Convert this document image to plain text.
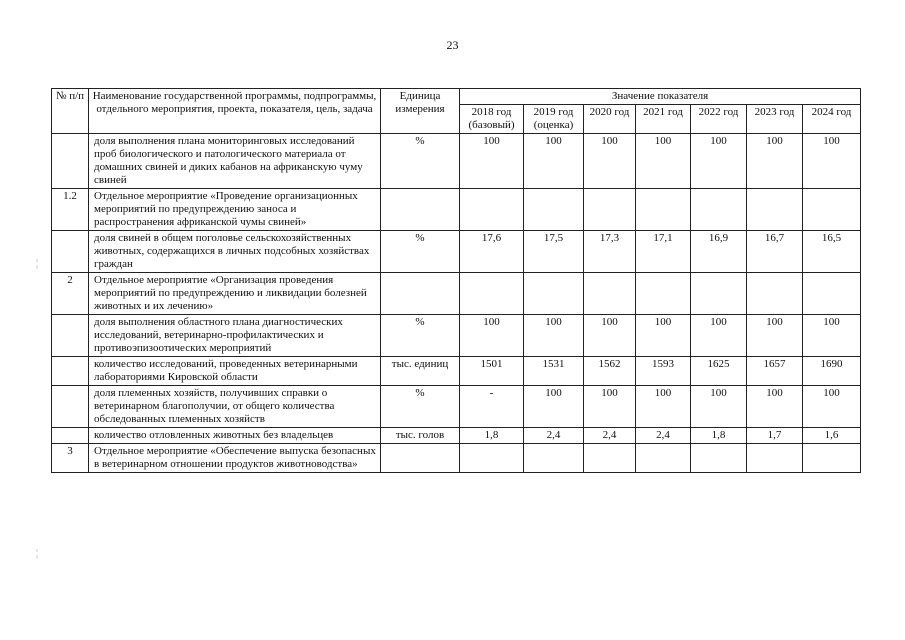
23
№ п/п	Наименование государственной программы, подпрограммы, отдельного мероприятия, проекта, показателя, цель, задача	Единица измерения	Значение показателя						
			2018 год (базовый)	2019 год (оценка)	2020 год	2021 год	2022 год	2023 год	2024 год
	доля выполнения плана мониторинговых исследований проб биологического и патологического материала от домашних свиней и диких кабанов на африканскую чуму свиней	%	100	100	100	100	100	100	100
1.2	Отдельное мероприятие «Проведение организационных мероприятий по предупреждению заноса и распространения африканской чумы свиней»								
	доля свиней в общем поголовье сельскохозяйственных животных, содержащихся в личных подсобных хозяйствах граждан	%	17,6	17,5	17,3	17,1	16,9	16,7	16,5
2	Отдельное мероприятие «Организация проведения мероприятий по предупреждению и ликвидации болезней животных и их лечению»								
	доля выполнения областного плана диагностических исследований, ветеринарно-профилактических и противоэпизоотических мероприятий	%	100	100	100	100	100	100	100
	количество исследований, проведенных ветеринарными лабораториями Кировской области	тыс. единиц	1501	1531	1562	1593	1625	1657	1690
	доля племенных хозяйств, получивших справки о ветеринарном благополучии, от общего количества обследованных племенных хозяйств	%	-	100	100	100	100	100	100
	количество отловленных животных без владельцев	тыс. голов	1,8	2,4	2,4	2,4	1,8	1,7	1,6
3	Отдельное мероприятие «Обеспечение выпуска безопасных в ветеринарном отношении продуктов животноводства»								
¦
¦
